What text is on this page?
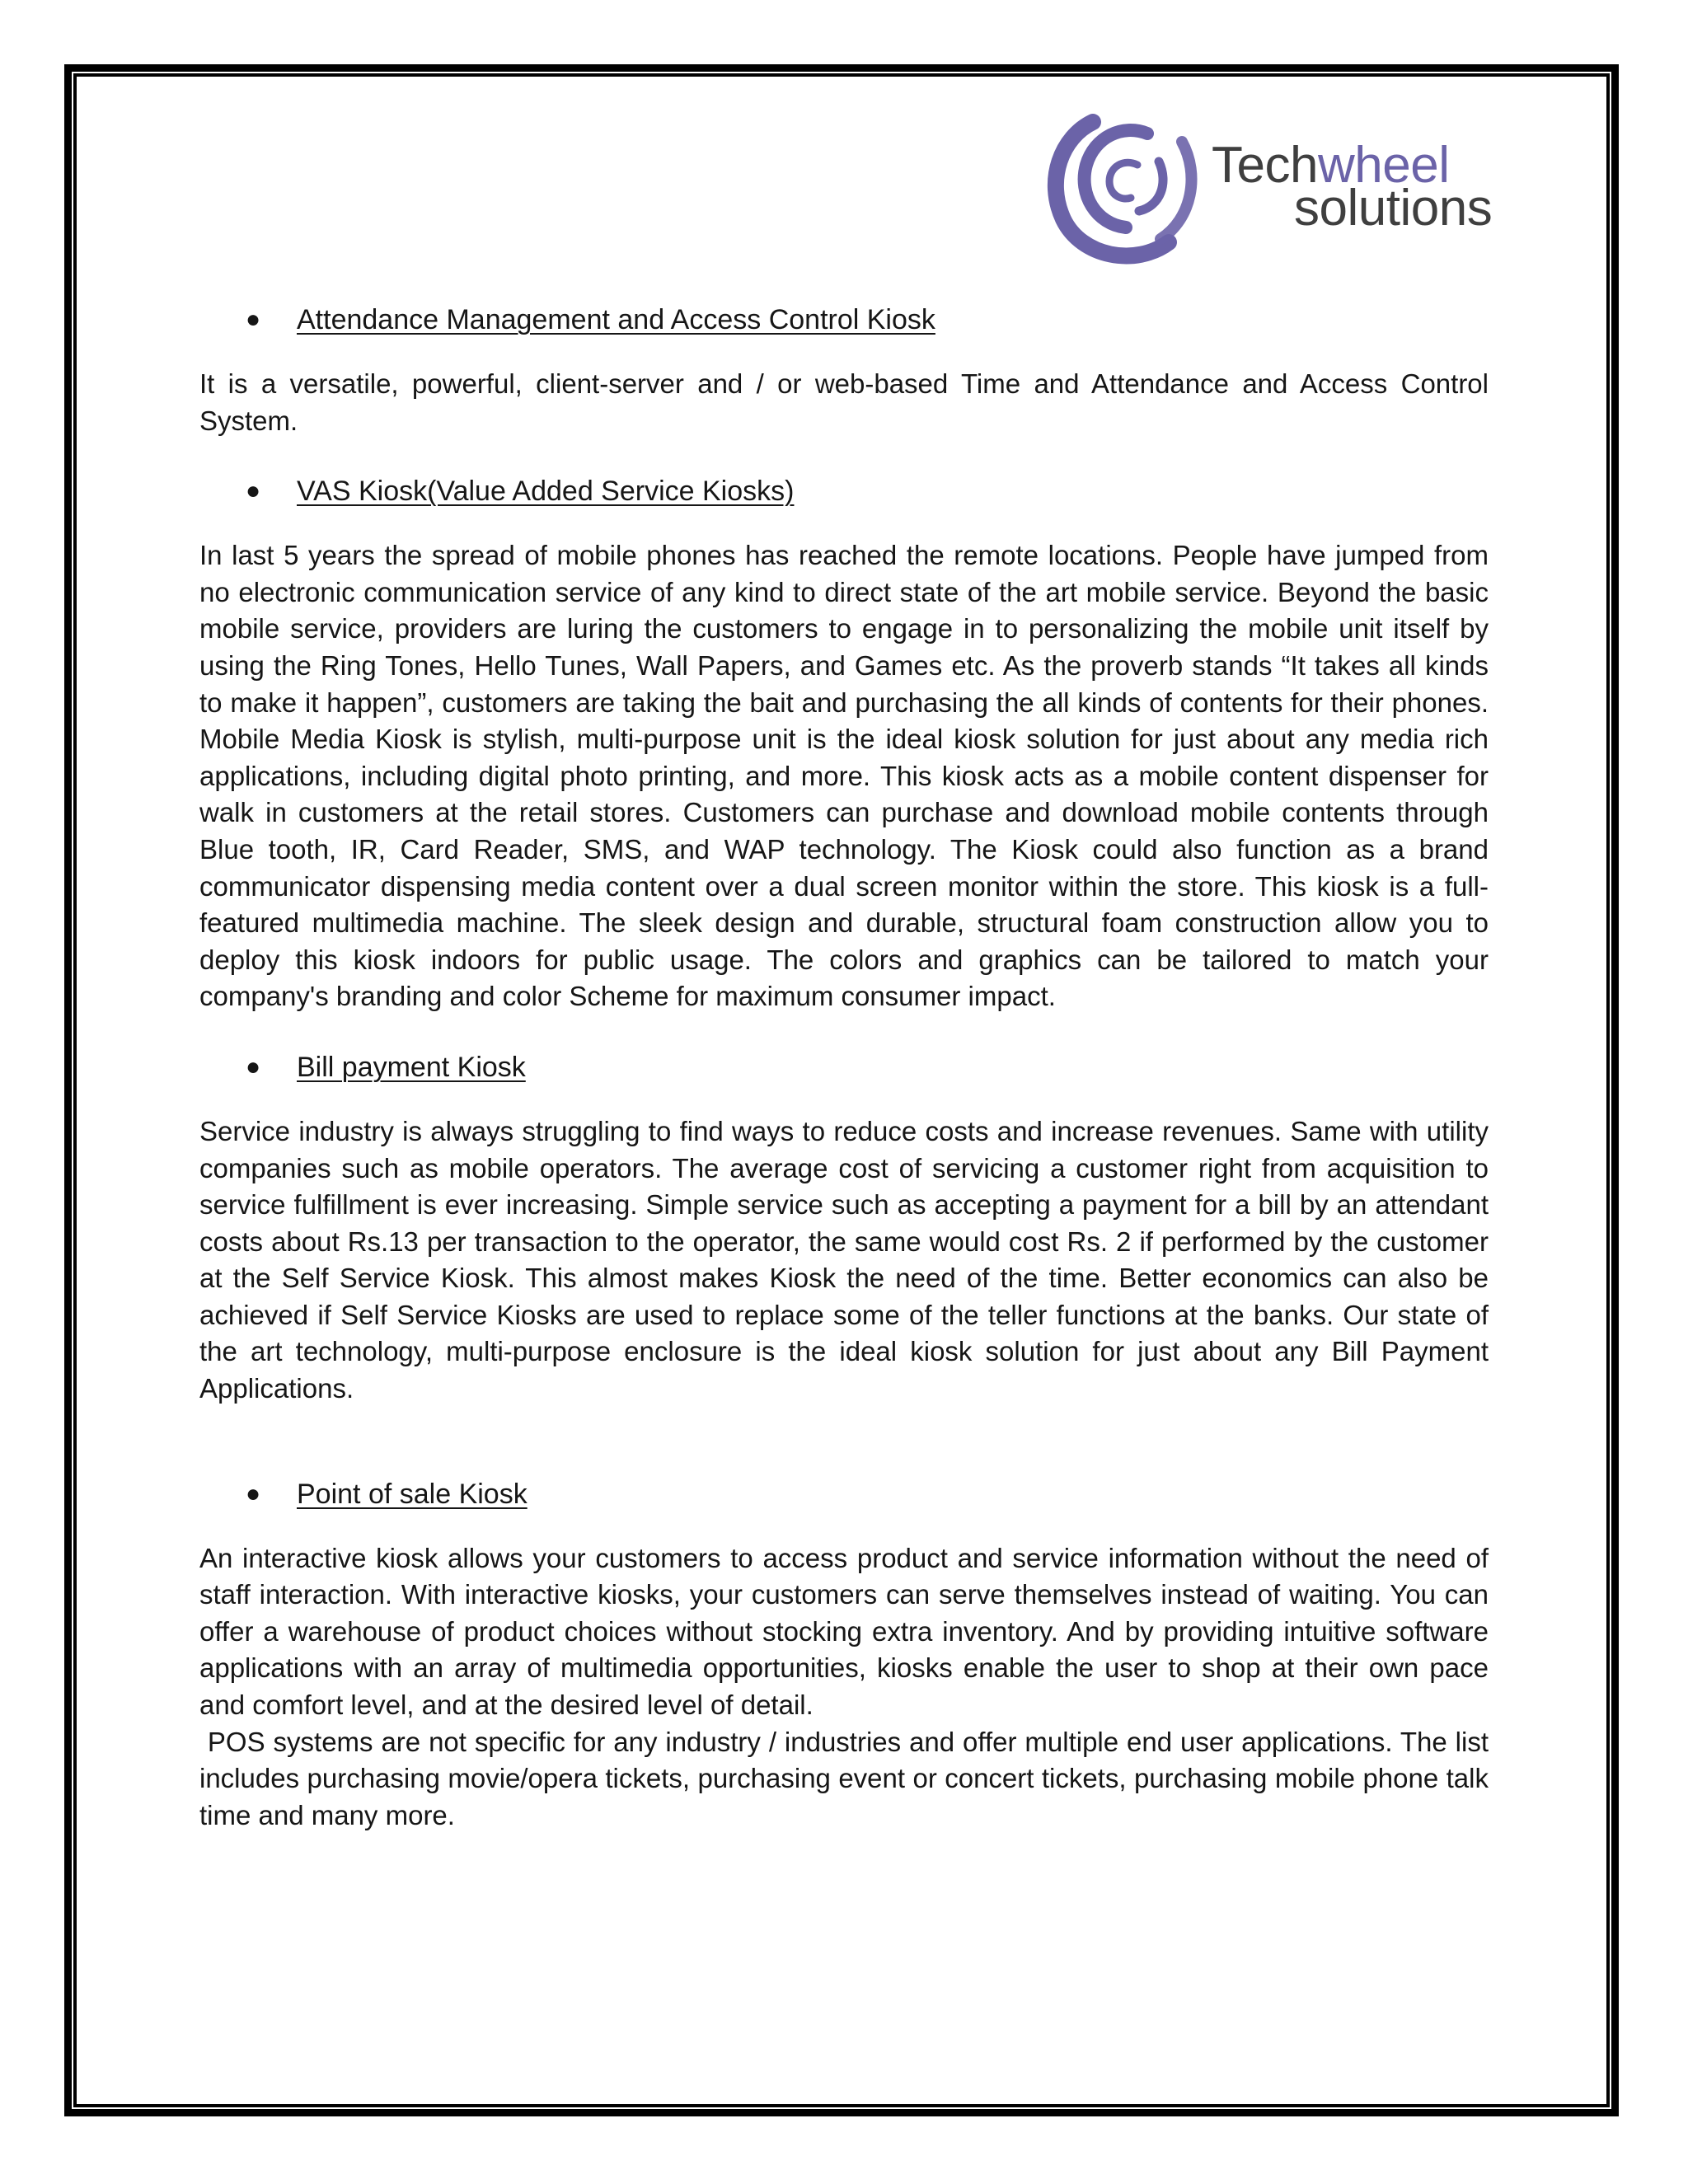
Techwheel
solutions
● Attendance Management and Access Control Kiosk

It is a versatile, powerful, client-server and / or web-based Time and Attendance and Access Control System.

● VAS Kiosk(Value Added Service Kiosks)

In last 5 years the spread of mobile phones has reached the remote locations. People have jumped from no electronic communication service of any kind to direct state of the art mobile service. Beyond the basic mobile service, providers are luring the customers to engage in to personalizing the mobile unit itself by using the Ring Tones, Hello Tunes, Wall Papers, and Games etc. As the proverb stands “It takes all kinds to make it happen”, customers are taking the bait and purchasing the all kinds of contents for their phones. Mobile Media Kiosk is stylish, multi-purpose unit is the ideal kiosk solution for just about any media rich applications, including digital photo printing, and more. This kiosk acts as a mobile content dispenser for walk in customers at the retail stores. Customers can purchase and download mobile contents through Blue tooth, IR, Card Reader, SMS, and WAP technology. The Kiosk could also function as a brand communicator dispensing media content over a dual screen monitor within the store. This kiosk is a full-featured multimedia machine. The sleek design and durable, structural foam construction allow you to deploy this kiosk indoors for public usage. The colors and graphics can be tailored to match your company's branding and color Scheme for maximum consumer impact.

● Bill payment Kiosk

Service industry is always struggling to find ways to reduce costs and increase revenues. Same with utility companies such as mobile operators. The average cost of servicing a customer right from acquisition to service fulfillment is ever increasing. Simple service such as accepting a payment for a bill by an attendant costs about Rs.13 per transaction to the operator, the same would cost Rs. 2 if performed by the customer at the Self Service Kiosk. This almost makes Kiosk the need of the time. Better economics can also be achieved if Self Service Kiosks are used to replace some of the teller functions at the banks. Our state of the art technology, multi-purpose enclosure is the ideal kiosk solution for just about any Bill Payment Applications.

● Point of sale Kiosk

An interactive kiosk allows your customers to access product and service information without the need of staff interaction. With interactive kiosks, your customers can serve themselves instead of waiting. You can offer a warehouse of product choices without stocking extra inventory. And by providing intuitive software applications with an array of multimedia opportunities, kiosks enable the user to shop at their own pace and comfort level, and at the desired level of detail.

POS systems are not specific for any industry / industries and offer multiple end user applications. The list includes purchasing movie/opera tickets, purchasing event or concert tickets, purchasing mobile phone talk time and many more.
